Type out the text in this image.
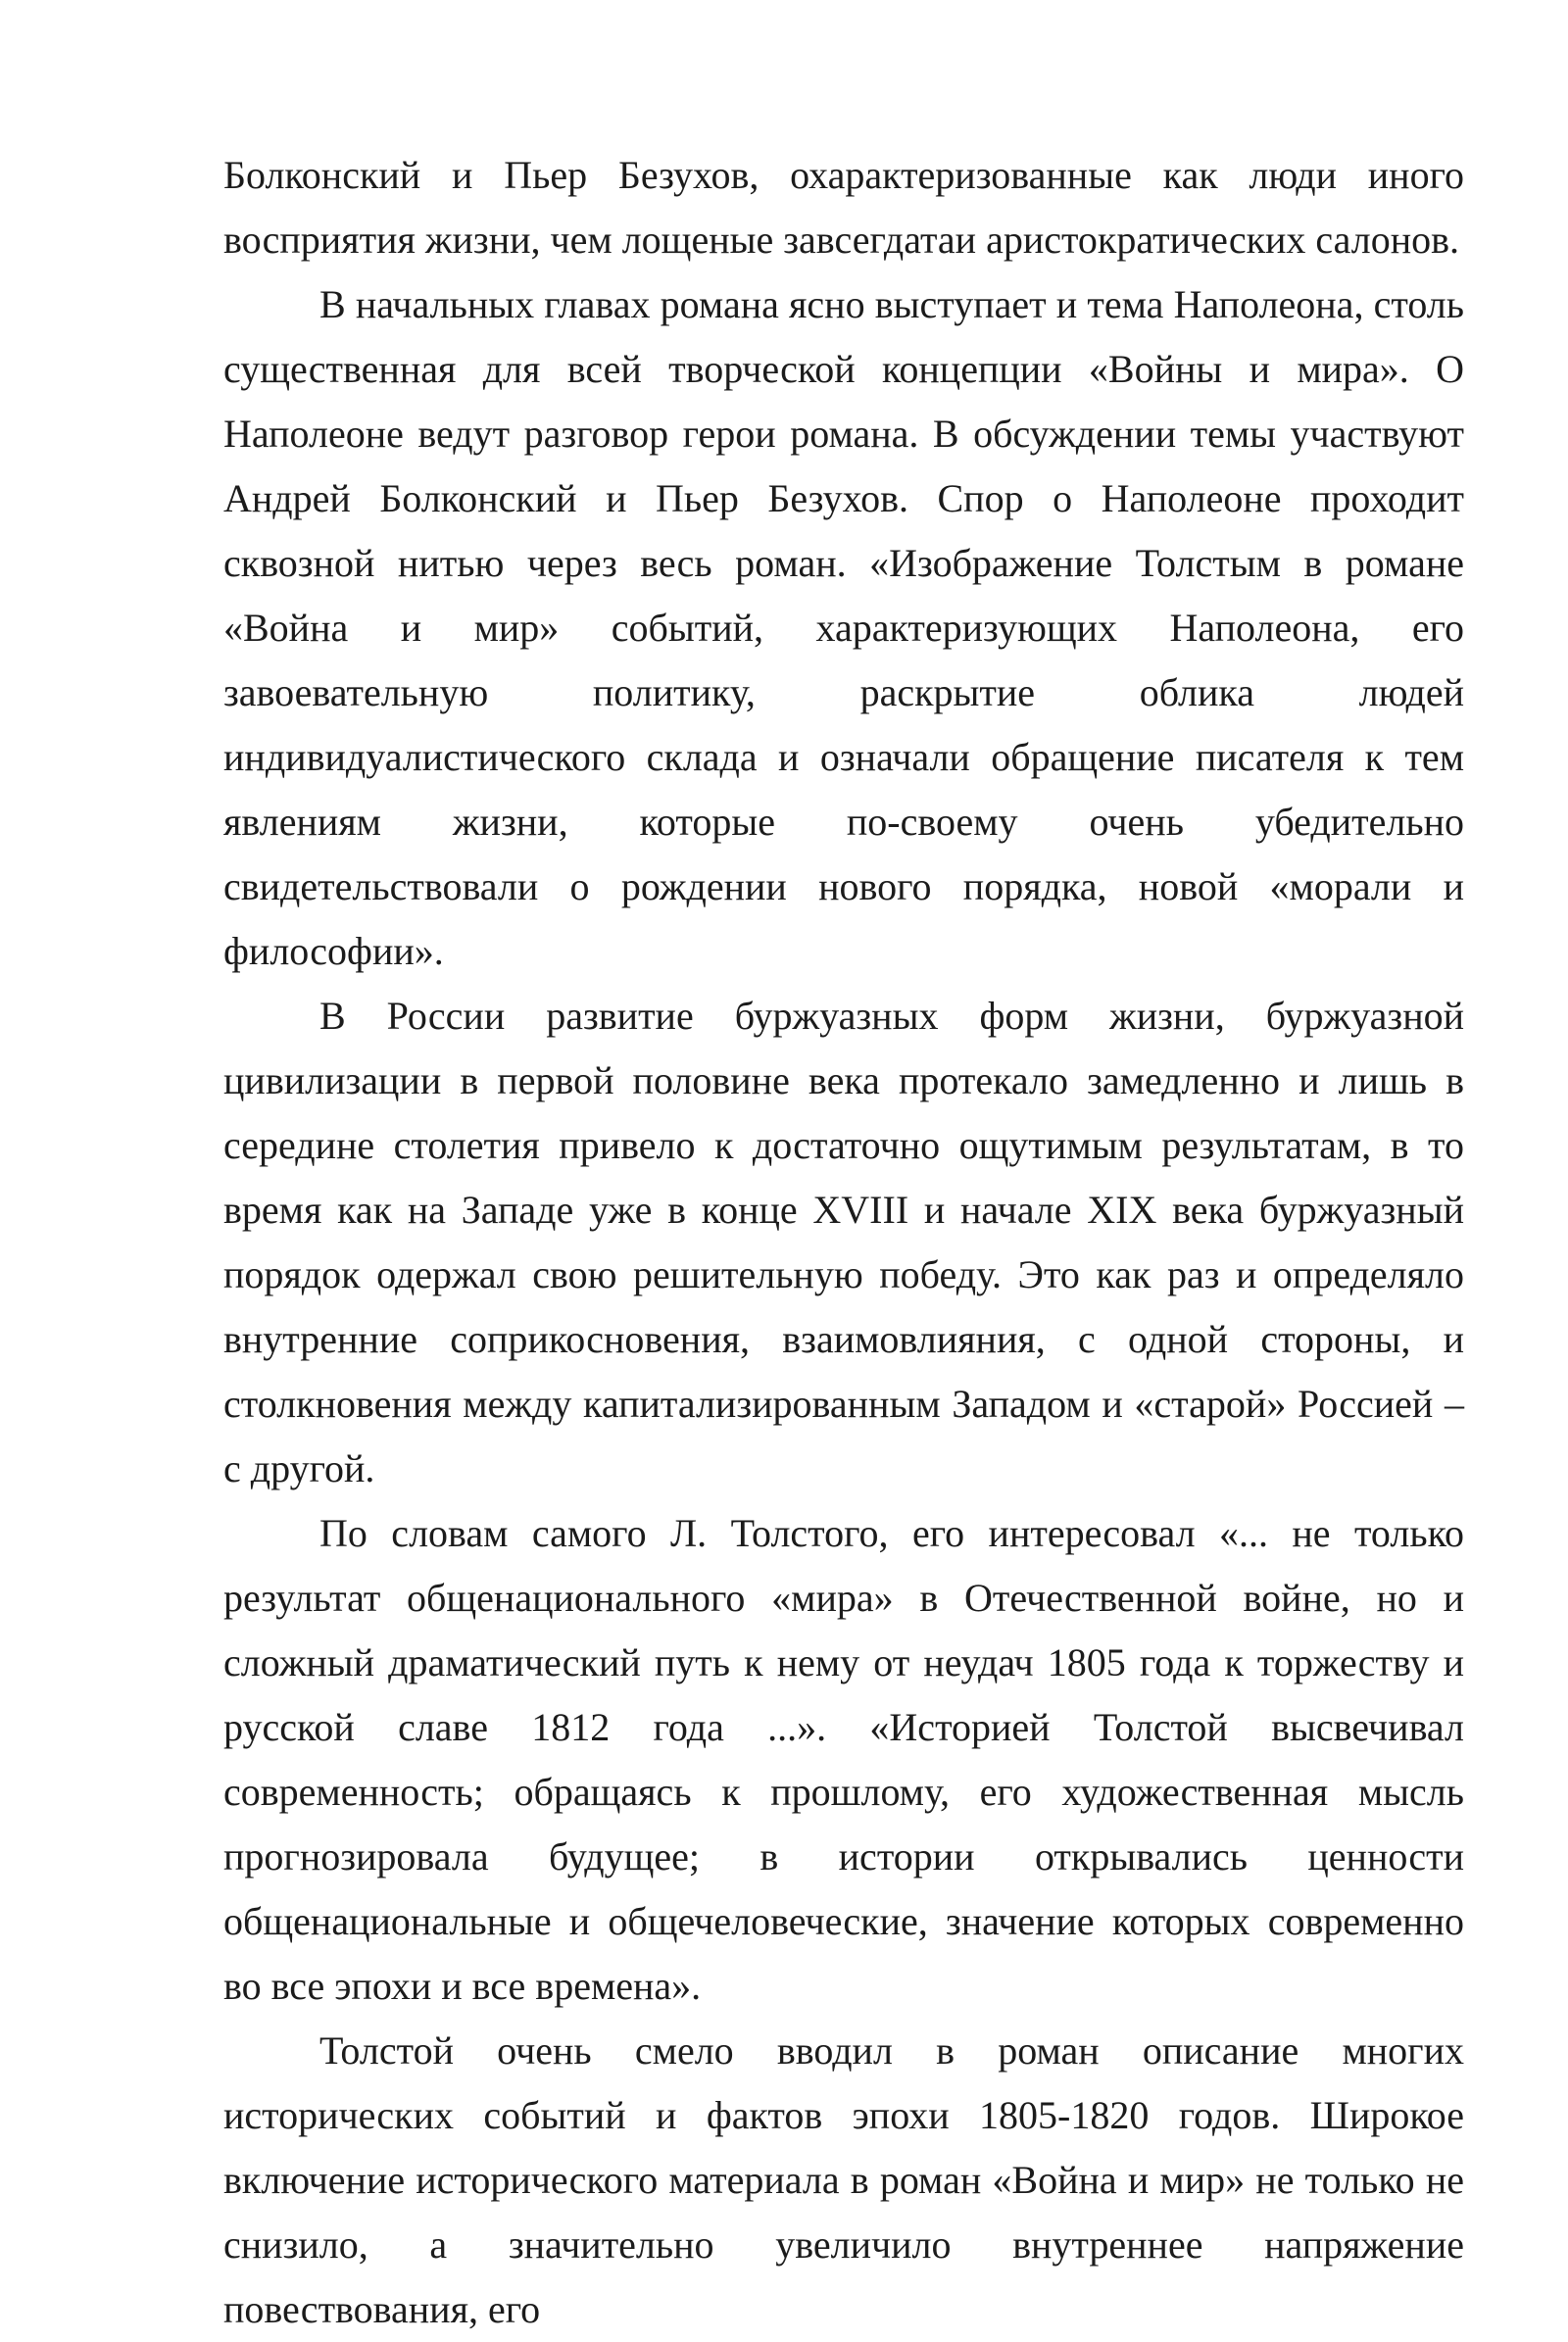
Болконский и Пьер Безухов, охарактеризованные как люди иного восприятия жизни, чем лощеные завсегдатаи аристократических салонов.

В начальных главах романа ясно выступает и тема Наполеона, столь существенная для всей творческой концепции «Войны и мира». О Наполеоне ведут разговор герои романа. В обсуждении темы участвуют Андрей Болконский и Пьер Безухов. Спор о Наполеоне проходит сквозной нитью через весь роман. «Изображение Толстым в романе «Война и мир» событий, характеризующих Наполеона, его завоевательную политику, раскрытие облика людей индивидуалистического склада и означали обращение писателя к тем явлениям жизни, которые по-своему очень убедительно свидетельствовали о рождении нового порядка, новой «морали и философии».

В России развитие буржуазных форм жизни, буржуазной цивилизации в первой половине века протекало замедленно и лишь в середине столетия привело к достаточно ощутимым результатам, в то время как на Западе уже в конце XVIII и начале XIX века буржуазный порядок одержал свою решительную победу. Это как раз и определяло внутренние соприкосновения, взаимовлияния, с одной стороны, и столкновения между капитализированным Западом и «старой» Россией – с другой.

По словам самого Л. Толстого, его интересовал «... не только результат общенационального «мира» в Отечественной войне, но и сложный драматический путь к нему от неудач 1805 года к торжеству и русской славе 1812 года ...». «Историей Толстой высвечивал современность; обращаясь к прошлому, его художественная мысль прогнозировала будущее; в истории открывались ценности общенациональные и общечеловеческие, значение которых современно во все эпохи и все времена».

Толстой очень смело вводил в роман описание многих исторических событий и фактов эпохи 1805-1820 годов. Широкое включение исторического материала в роман «Война и мир» не только не снизило, а значительно увеличило внутреннее напряжение повествования, его
